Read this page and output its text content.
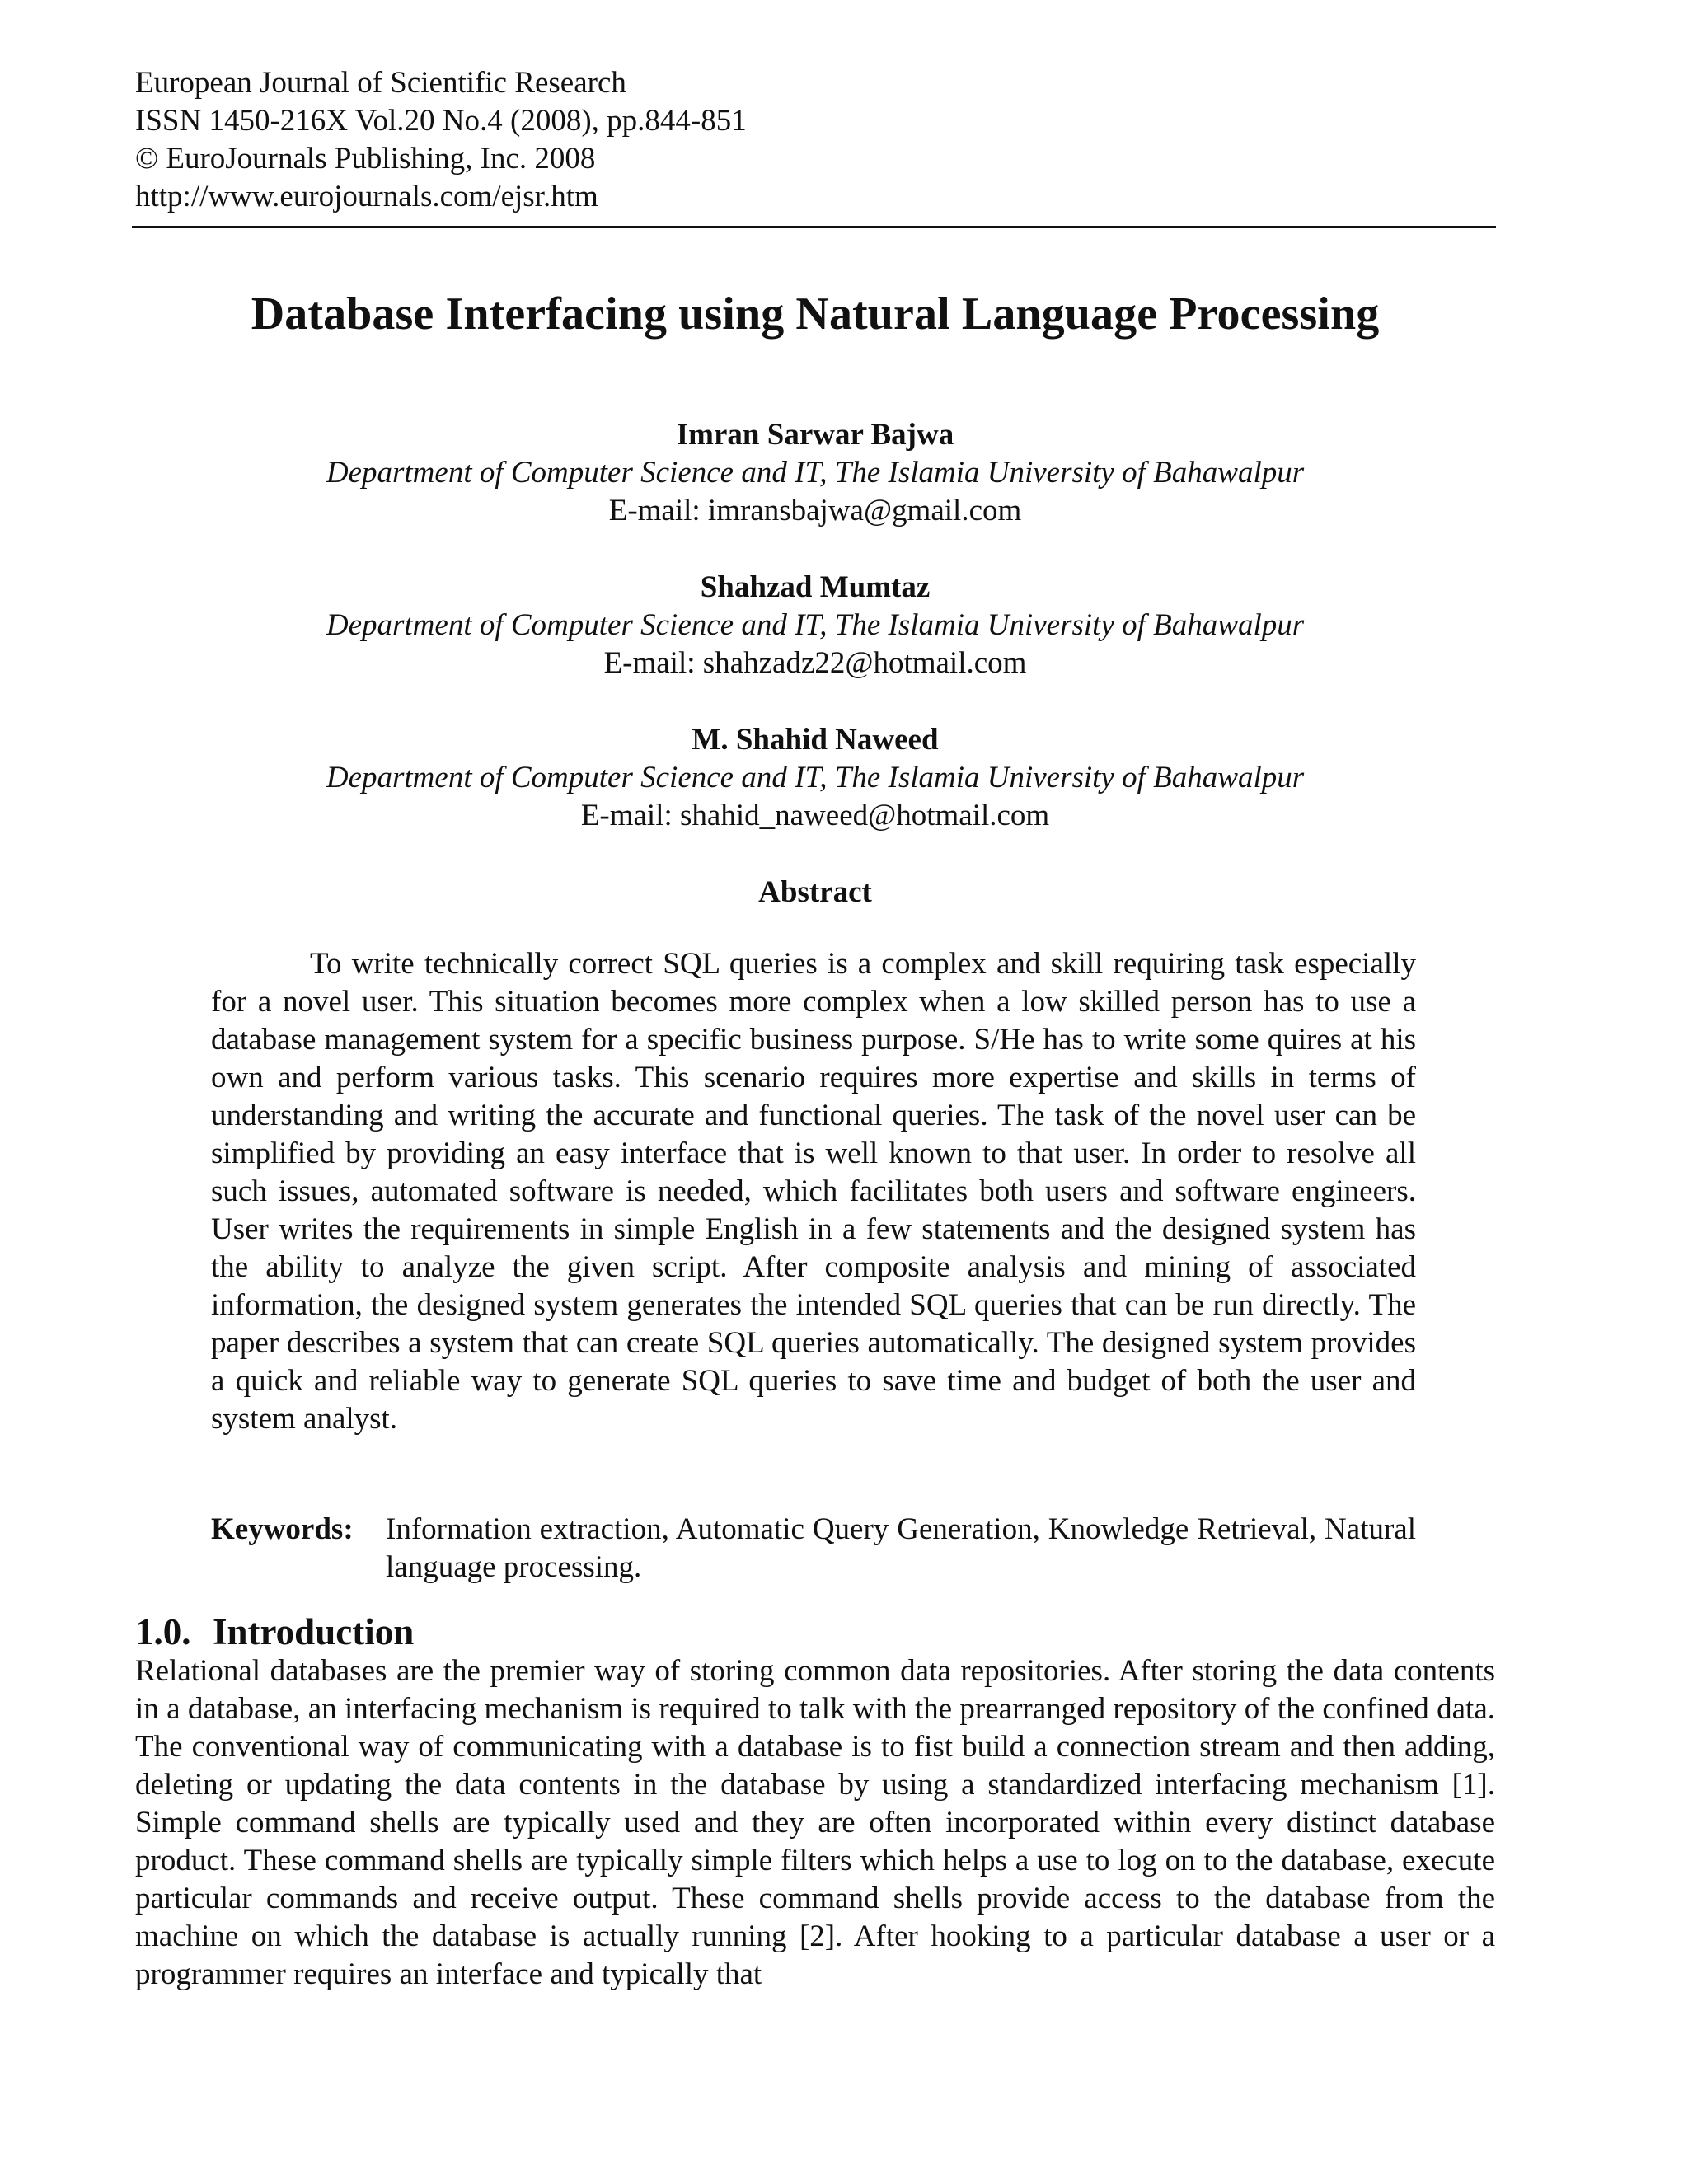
European Journal of Scientific Research
ISSN 1450-216X Vol.20 No.4 (2008), pp.844-851
© EuroJournals Publishing, Inc. 2008
http://www.eurojournals.com/ejsr.htm
Database Interfacing using Natural Language Processing
Imran Sarwar Bajwa
Department of Computer Science and IT, The Islamia University of Bahawalpur
E-mail: imransbajwa@gmail.com
Shahzad Mumtaz
Department of Computer Science and IT, The Islamia University of Bahawalpur
E-mail: shahzadz22@hotmail.com
M. Shahid Naweed
Department of Computer Science and IT, The Islamia University of Bahawalpur
E-mail: shahid_naweed@hotmail.com
Abstract
To write technically correct SQL queries is a complex and skill requiring task especially for a novel user. This situation becomes more complex when a low skilled person has to use a database management system for a specific business purpose. S/He has to write some quires at his own and perform various tasks. This scenario requires more expertise and skills in terms of understanding and writing the accurate and functional queries. The task of the novel user can be simplified by providing an easy interface that is well known to that user. In order to resolve all such issues, automated software is needed, which facilitates both users and software engineers. User writes the requirements in simple English in a few statements and the designed system has the ability to analyze the given script. After composite analysis and mining of associated information, the designed system generates the intended SQL queries that can be run directly. The paper describes a system that can create SQL queries automatically. The designed system provides a quick and reliable way to generate SQL queries to save time and budget of both the user and system analyst.
Keywords:	Information extraction, Automatic Query Generation, Knowledge Retrieval, Natural language processing.
1.0. Introduction
Relational databases are the premier way of storing common data repositories. After storing the data contents in a database, an interfacing mechanism is required to talk with the prearranged repository of the confined data. The conventional way of communicating with a database is to fist build a connection stream and then adding, deleting or updating the data contents in the database by using a standardized interfacing mechanism [1]. Simple command shells are typically used and they are often incorporated within every distinct database product. These command shells are typically simple filters which helps a use to log on to the database, execute particular commands and receive output. These command shells provide access to the database from the machine on which the database is actually running [2]. After hooking to a particular database a user or a programmer requires an interface and typically that
